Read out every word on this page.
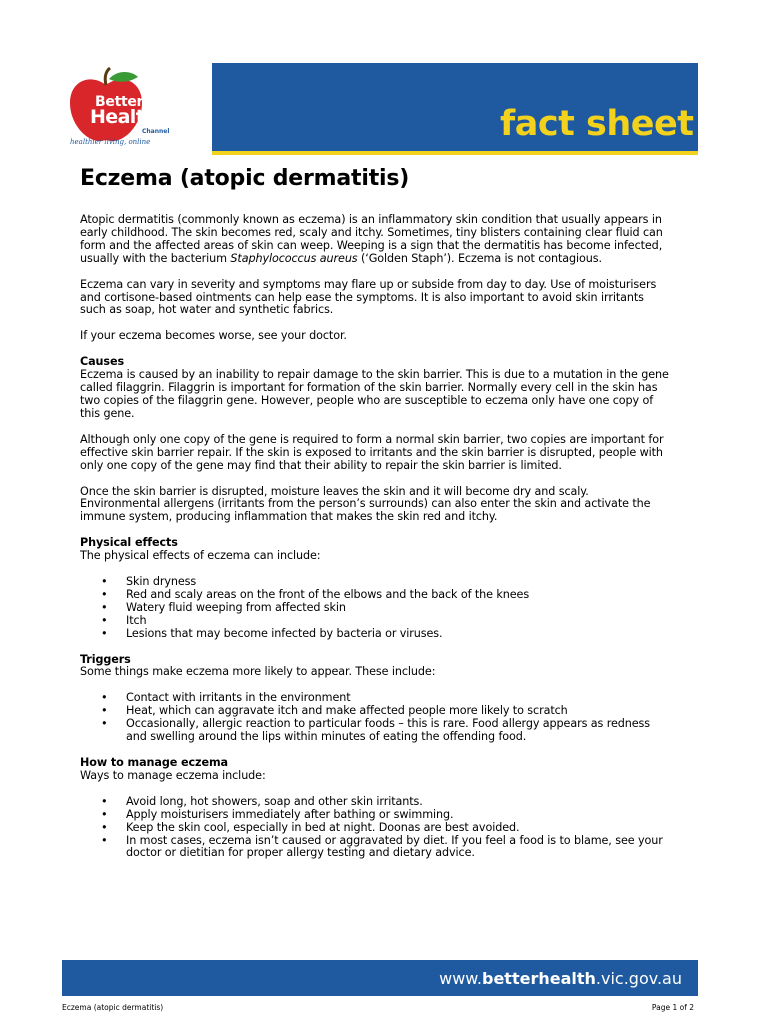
Better
Health
Channel
healthier living, online	fact sheet
Eczema (atopic dermatitis)

Atopic dermatitis (commonly known as eczema) is an inflammatory skin condition that usually appears in early childhood. The skin becomes red, scaly and itchy. Sometimes, tiny blisters containing clear fluid can form and the affected areas of skin can weep. Weeping is a sign that the dermatitis has become infected, usually with the bacterium Staphylococcus aureus (‘Golden Staph’). Eczema is not contagious.

Eczema can vary in severity and symptoms may flare up or subside from day to day. Use of moisturisers and cortisone-based ointments can help ease the symptoms. It is also important to avoid skin irritants such as soap, hot water and synthetic fabrics.

If your eczema becomes worse, see your doctor.

Causes

Eczema is caused by an inability to repair damage to the skin barrier. This is due to a mutation in the gene called filaggrin. Filaggrin is important for formation of the skin barrier. Normally every cell in the skin has two copies of the filaggrin gene. However, people who are susceptible to eczema only have one copy of this gene.

Although only one copy of the gene is required to form a normal skin barrier, two copies are important for effective skin barrier repair. If the skin is exposed to irritants and the skin barrier is disrupted, people with only one copy of the gene may find that their ability to repair the skin barrier is limited.

Once the skin barrier is disrupted, moisture leaves the skin and it will become dry and scaly. Environmental allergens (irritants from the person’s surrounds) can also enter the skin and activate the immune system, producing inflammation that makes the skin red and itchy.

Physical effects

The physical effects of eczema can include:

• Skin dryness
• Red and scaly areas on the front of the elbows and the back of the knees
• Watery fluid weeping from affected skin
• Itch
• Lesions that may become infected by bacteria or viruses.
Triggers

Some things make eczema more likely to appear. These include:

• Contact with irritants in the environment
• Heat, which can aggravate itch and make affected people more likely to scratch
• Occasionally, allergic reaction to particular foods – this is rare. Food allergy appears as redness and swelling around the lips within minutes of eating the offending food.
How to manage eczema

Ways to manage eczema include:

• Avoid long, hot showers, soap and other skin irritants.
• Apply moisturisers immediately after bathing or swimming.
• Keep the skin cool, especially in bed at night. Doonas are best avoided.
• In most cases, eczema isn’t caused or aggravated by diet. If you feel a food is to blame, see your doctor or dietitian for proper allergy testing and dietary advice.
www.betterhealth.vic.gov.au
Eczema (atopic dermatitis)	Page 1 of 2
